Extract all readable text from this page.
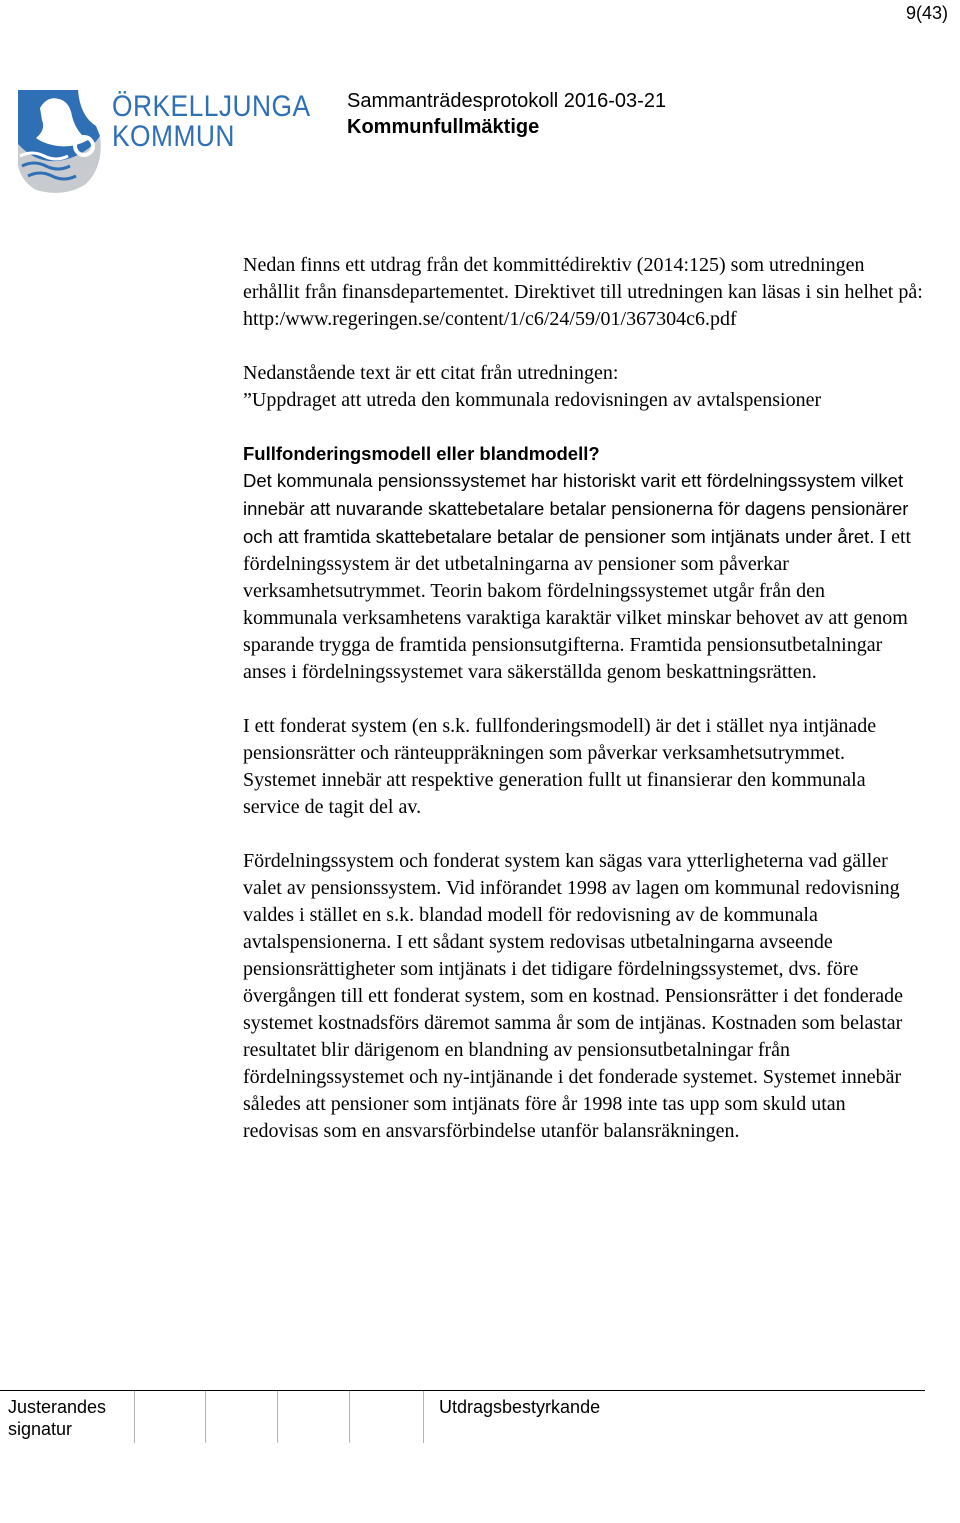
9(43)
ÖRKELLJUNGA
KOMMUN
Sammanträdesprotokoll 2016-03-21
Kommunfullmäktige

Nedan finns ett utdrag från det kommittédirektiv (2014:125) som utredningen erhållit från finansdepartementet. Direktivet till utredningen kan läsas i sin helhet på: http:/www.regeringen.se/content/1/c6/24/59/01/367304c6.pdf

Nedanstående text är ett citat från utredningen:

”Uppdraget att utreda den kommunala redovisningen av avtalspensioner

Fullfonderingsmodell eller blandmodell?

Det kommunala pensionssystemet har historiskt varit ett fördelningssystem vilket innebär att nuvarande skattebetalare betalar pensionerna för dagens pensionärer och att framtida skattebetalare betalar de pensioner som intjänats under året. I ett fördelningssystem är det utbetalningarna av pensioner som påverkar verksamhetsutrymmet. Teorin bakom fördelningssystemet utgår från den kommunala verksamhetens varaktiga karaktär vilket minskar behovet av att genom sparande trygga de framtida pensionsutgifterna. Framtida pensionsutbetalningar anses i fördelningssystemet vara säkerställda genom beskattningsrätten.

I ett fonderat system (en s.k. fullfonderingsmodell) är det i stället nya intjänade pensionsrätter och ränteuppräkningen som påverkar verksamhetsutrymmet. Systemet innebär att respektive generation fullt ut finansierar den kommunala service de tagit del av.

Fördelningssystem och fonderat system kan sägas vara ytterligheterna vad gäller valet av pensionssystem. Vid införandet 1998 av lagen om kommunal redovisning valdes i stället en s.k. blandad modell för redovisning av de kommunala avtalspensionerna. I ett sådant system redovisas utbetalningarna avseende pensionsrättigheter som intjänats i det tidigare fördelningssystemet, dvs. före övergången till ett fonderat system, som en kostnad. Pensionsrätter i det fonderade systemet kostnadsförs däremot samma år som de intjänas. Kostnaden som belastar resultatet blir därigenom en blandning av pensionsutbetalningar från fördelningssystemet och ny-intjänande i det fonderade systemet. Systemet innebär således att pensioner som intjänats före år 1998 inte tas upp som skuld utan redovisas som en ansvarsförbindelse utanför balansräkningen.

Justerandes
signatur
Utdragsbestyrkande
